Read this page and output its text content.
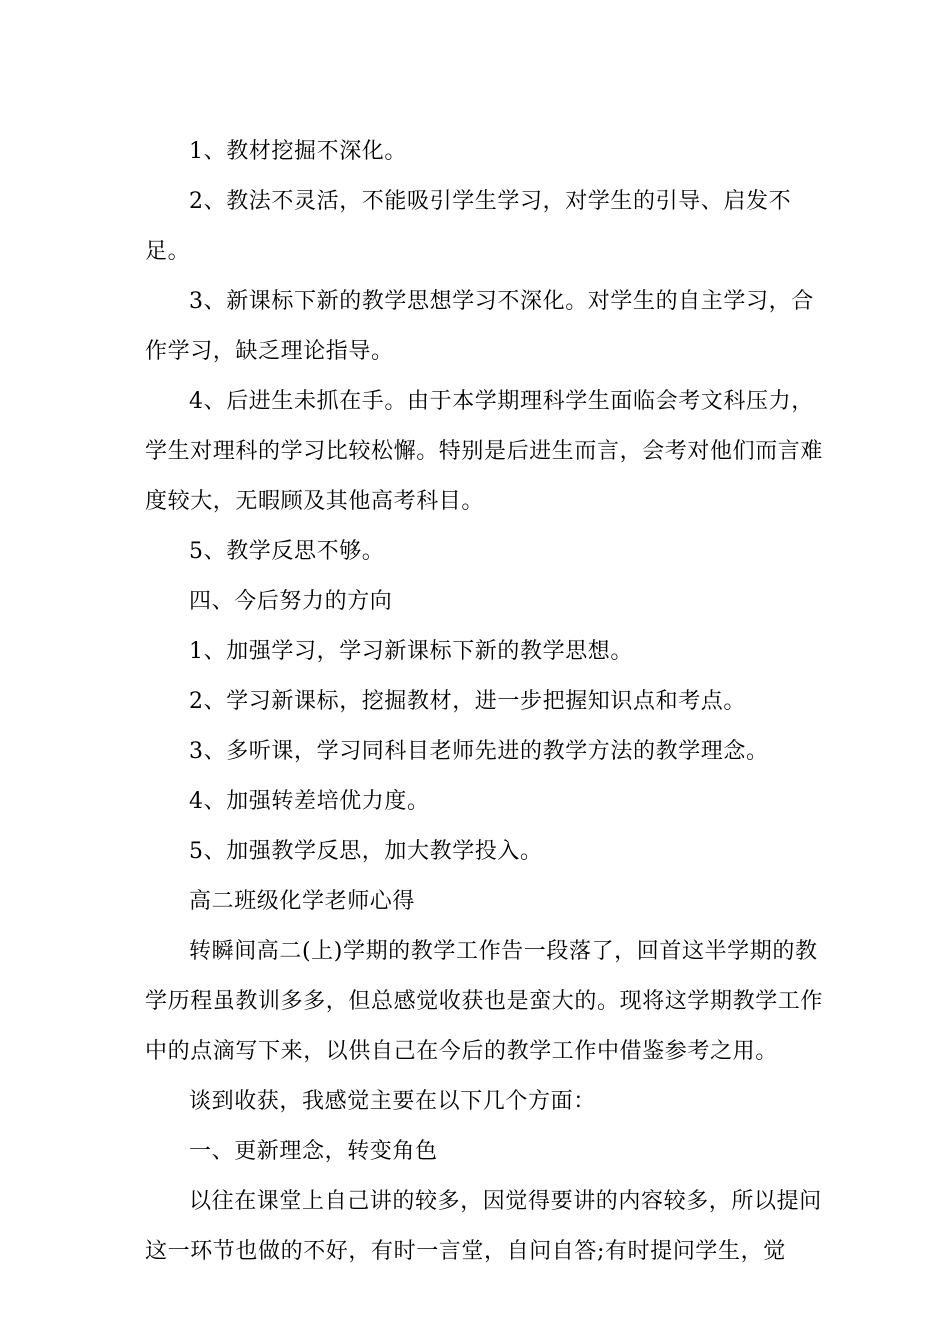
1、教材挖掘不深化。

2、教法不灵活，不能吸引学生学习，对学生的引导、启发不足。

3、新课标下新的教学思想学习不深化。对学生的自主学习，合作学习，缺乏理论指导。

4、后进生未抓在手。由于本学期理科学生面临会考文科压力，学生对理科的学习比较松懈。特别是后进生而言，会考对他们而言难度较大，无暇顾及其他高考科目。

5、教学反思不够。

四、今后努力的方向

1、加强学习，学习新课标下新的教学思想。

2、学习新课标，挖掘教材，进一步把握知识点和考点。

3、多听课，学习同科目老师先进的教学方法的教学理念。

4、加强转差培优力度。

5、加强教学反思，加大教学投入。

高二班级化学老师心得

转瞬间高二(上)学期的教学工作告一段落了，回首这半学期的教学历程虽教训多多，但总感觉收获也是蛮大的。现将这学期教学工作中的点滴写下来，以供自己在今后的教学工作中借鉴参考之用。

谈到收获，我感觉主要在以下几个方面：

一、更新理念，转变角色

以往在课堂上自己讲的较多，因觉得要讲的内容较多，所以提问这一环节也做的不好，有时一言堂，自问自答;有时提问学生，觉
